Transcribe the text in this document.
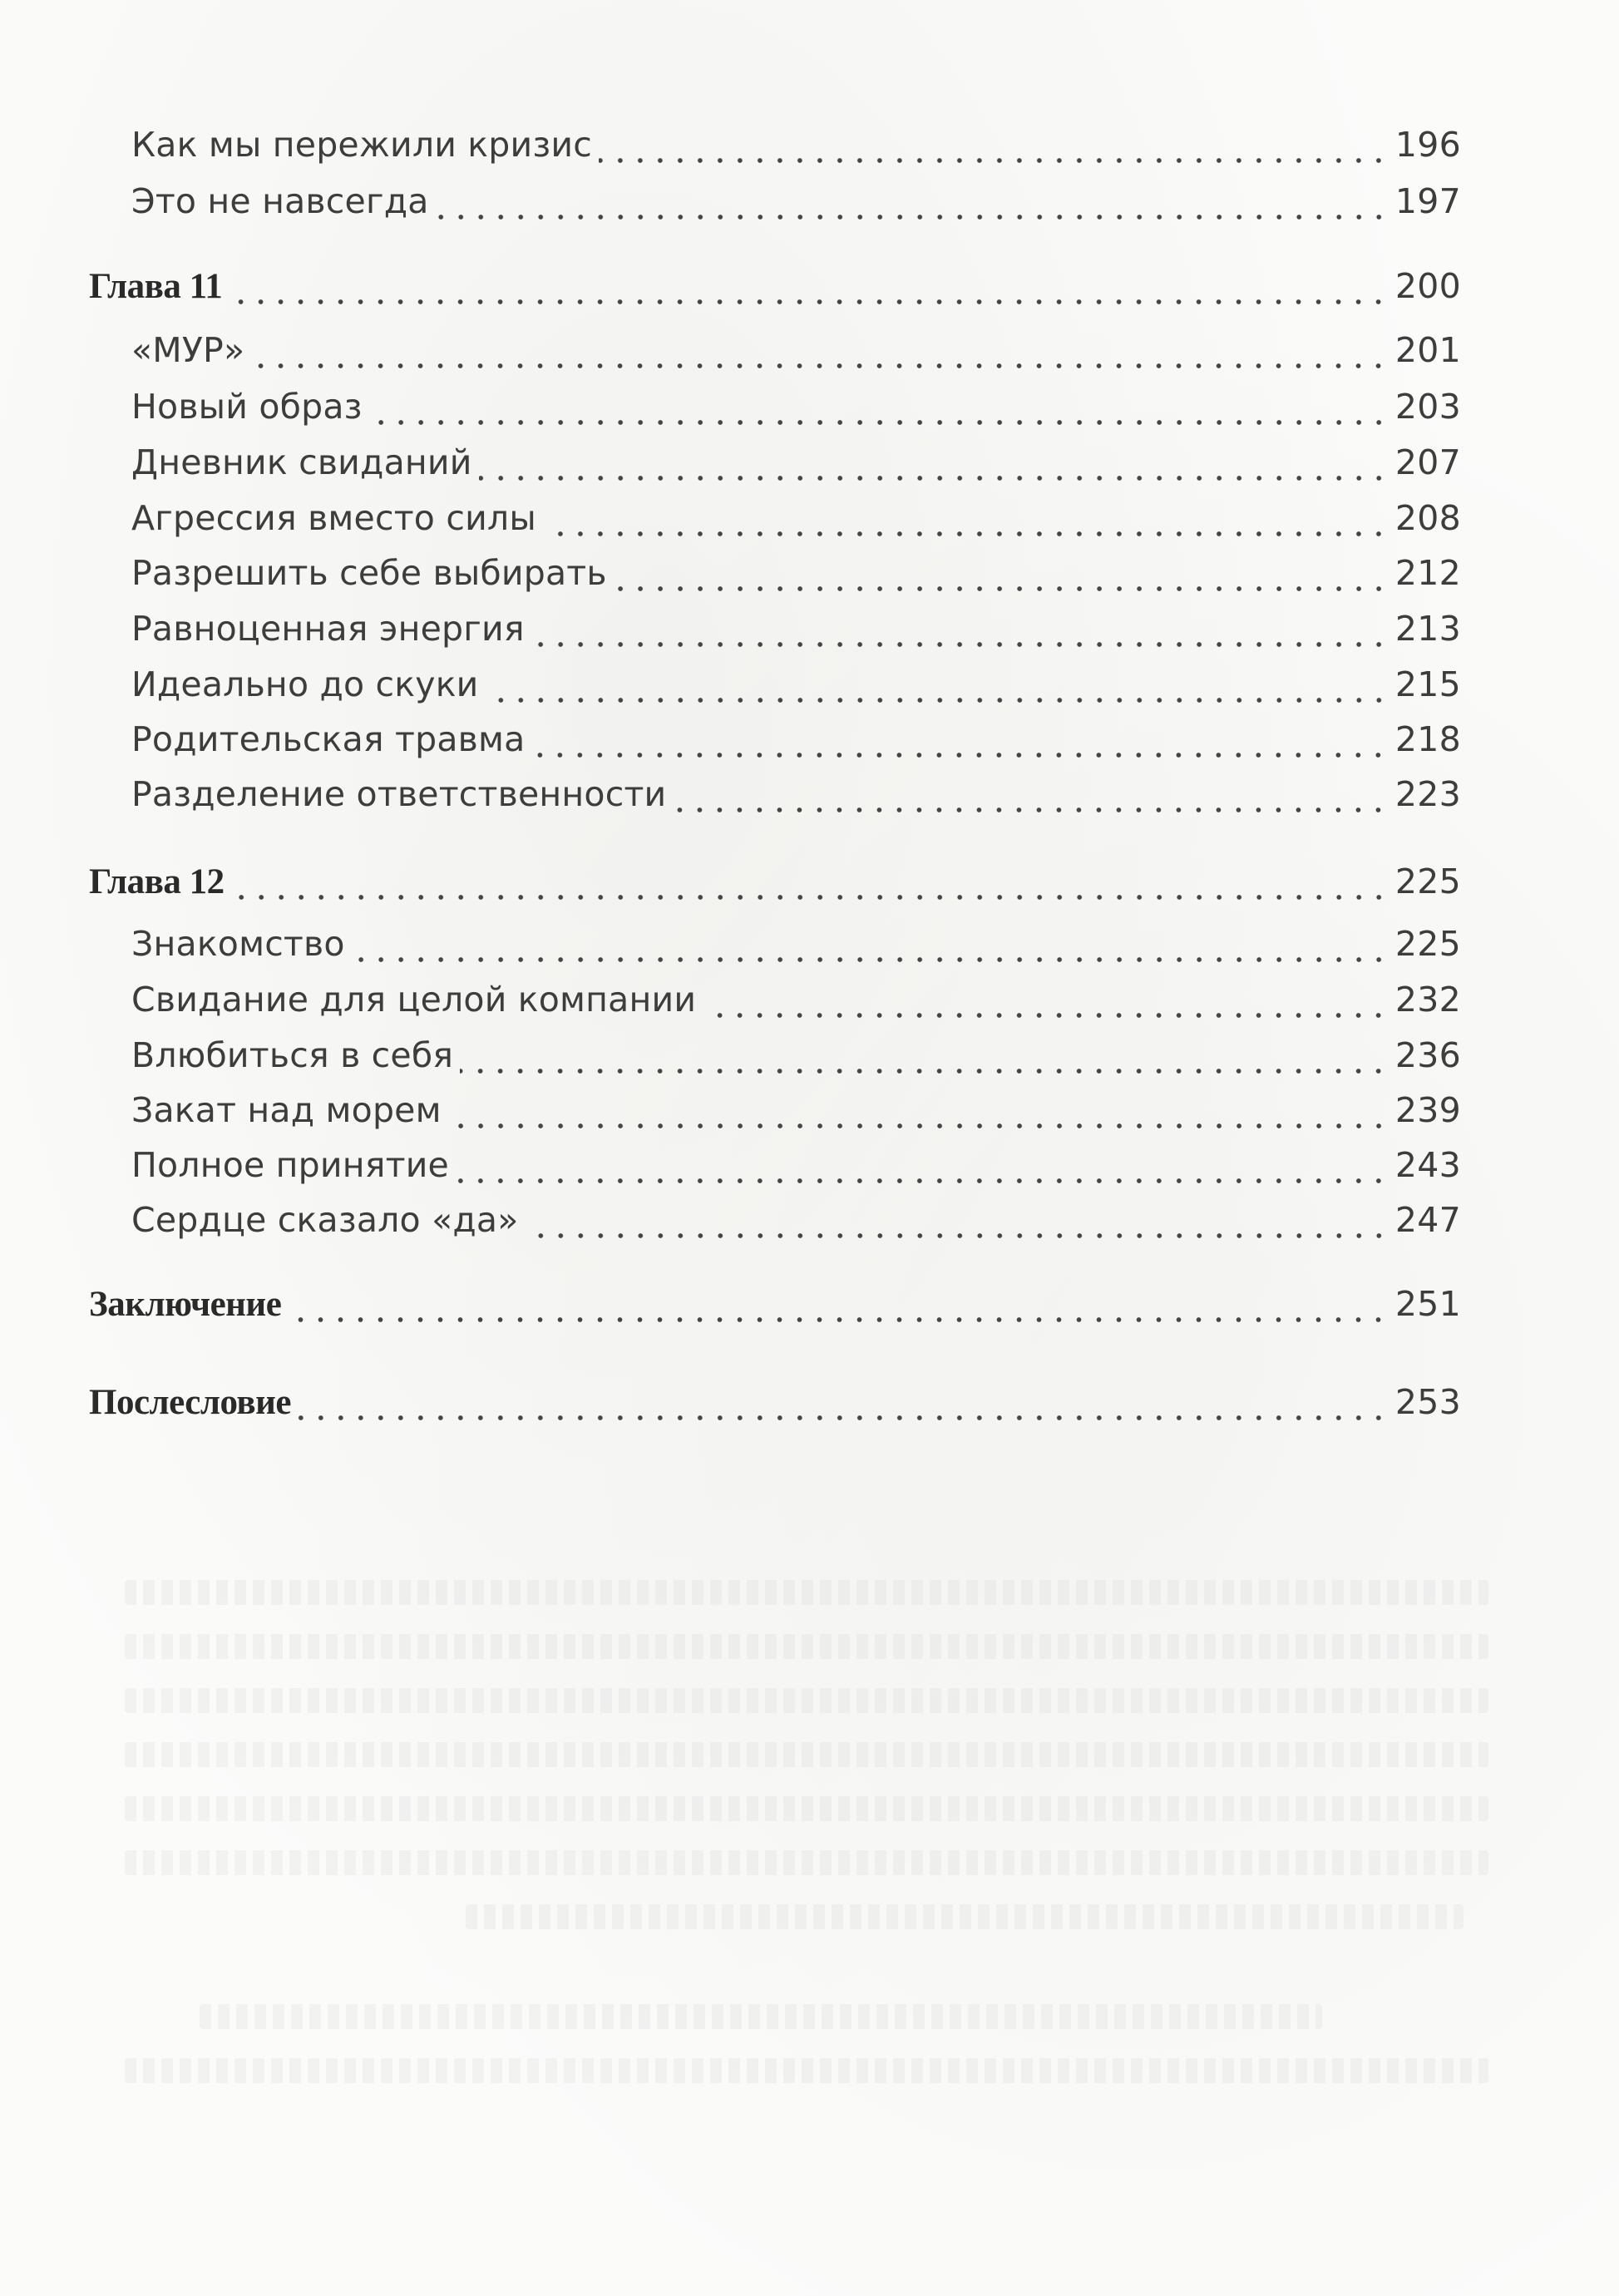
Как мы пережили кризис	196
Это не навсегда	197
Глава 11	200
«МУР»	201
Новый образ	203
Дневник свиданий	207
Агрессия вместо силы	208
Разрешить себе выбирать	212
Равноценная энергия	213
Идеально до скуки	215
Родительская травма	218
Разделение ответственности	223
Глава 12	225
Знакомство	225
Свидание для целой компании	232
Влюбиться в себя	236
Закат над морем	239
Полное принятие	243
Сердце сказало «да»	247
Заключение	251
Послесловие	253
